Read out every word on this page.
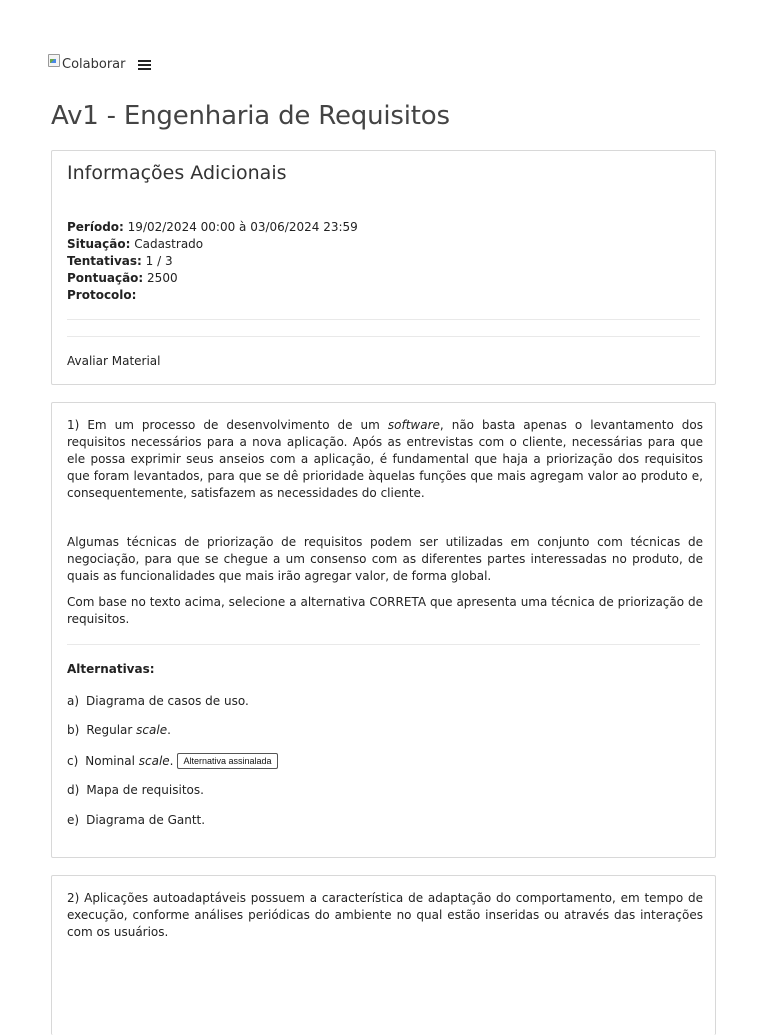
Colaborar
Av1 - Engenharia de Requisitos
Informações Adicionais
Período: 19/02/2024 00:00 à 03/06/2024 23:59
Situação: Cadastrado
Tentativas: 1 / 3
Pontuação: 2500
Protocolo:
Avaliar Material

1) Em um processo de desenvolvimento de um software, não basta apenas o levantamento dos requisitos necessários para a nova aplicação. Após as entrevistas com o cliente, necessárias para que ele possa exprimir seus anseios com a aplicação, é fundamental que haja a priorização dos requisitos que foram levantados, para que se dê prioridade àquelas funções que mais agregam valor ao produto e, consequentemente, satisfazem as necessidades do cliente.

Algumas técnicas de priorização de requisitos podem ser utilizadas em conjunto com técnicas de negociação, para que se chegue a um consenso com as diferentes partes interessadas no produto, de quais as funcionalidades que mais irão agregar valor, de forma global.

Com base no texto acima, selecione a alternativa CORRETA que apresenta uma técnica de priorização de requisitos.

Alternativas:
a) Diagrama de casos de uso.
b) Regular scale .
c) Nominal scale .	Alternativa assinalada
d) Mapa de requisitos.
e) Diagrama de Gantt.

2) Aplicações autoadaptáveis possuem a característica de adaptação do comportamento, em tempo de execução, conforme análises periódicas do ambiente no qual estão inseridas ou através das interações com os usuários.
